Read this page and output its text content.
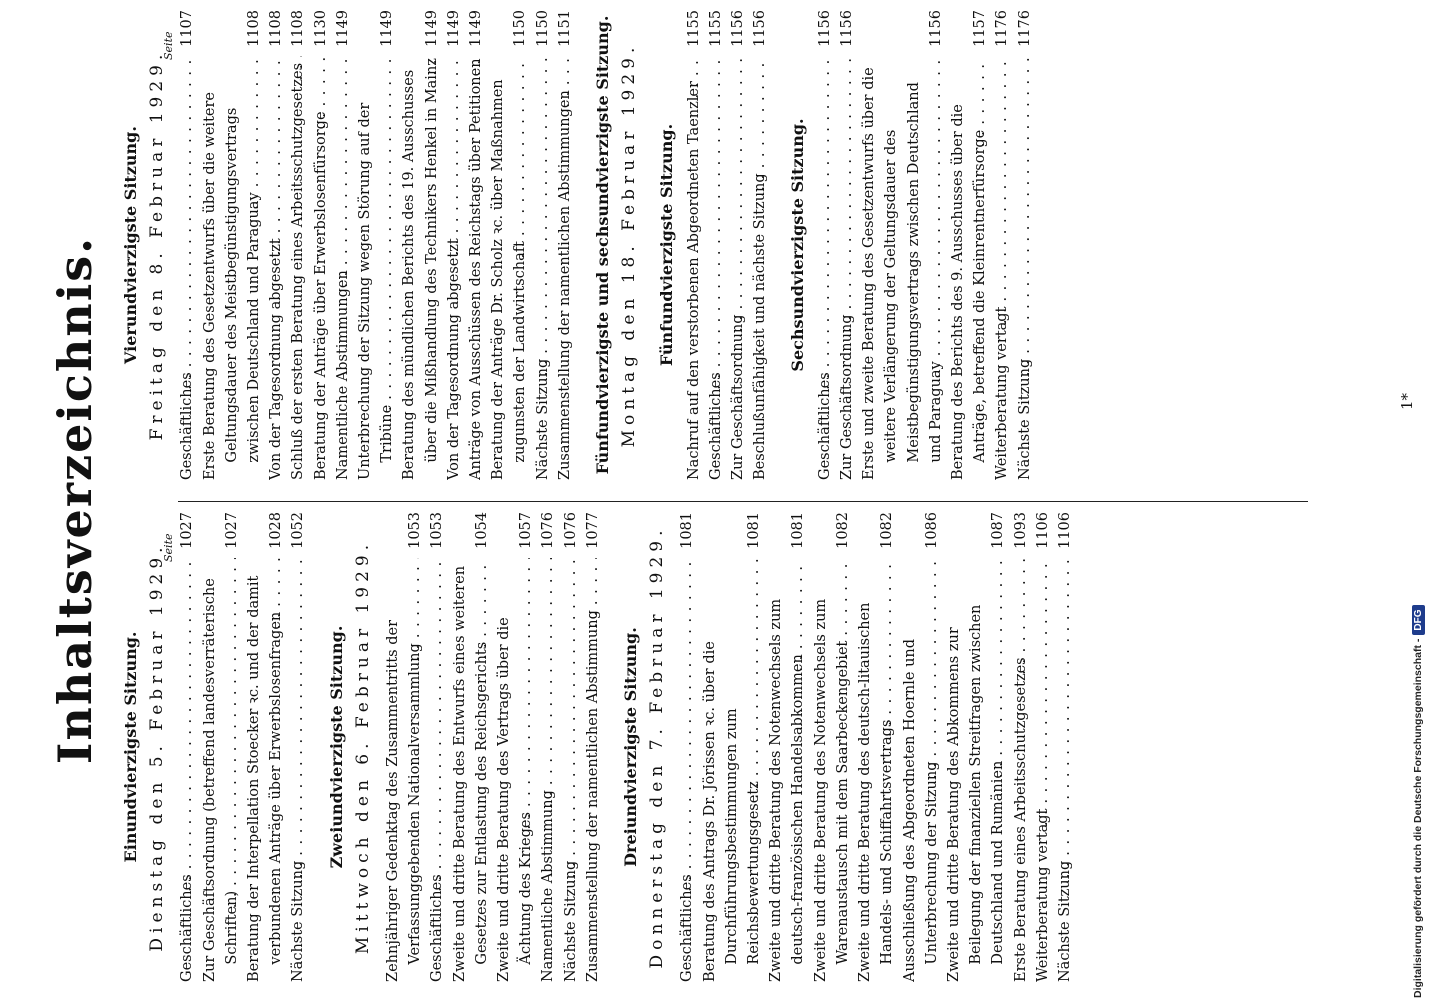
Inhaltsverzeichnis.	Seite
Seite
Einundvierzigste Sitzung. Dienstag den 5. Februar 1929. Geschäftliches . . .
1027
Zur Geschäftsordnung (betreffend landesverräterische Schriften) . . .
1027
Beratung der Interpellation Stoecker ꝛc. und der damit verbundenen Anträge über Erwerbslosenfragen . . .
1028
Nächste Sitzung . . .
1052
Zweiundvierzigste Sitzung. Mittwoch den 6. Februar 1929. Zehnjähriger Gedenktag des Zusammentritts der Verfassunggebenden Nationalversammlung . . .
1053
Geschäftliches . . .
1053
Zweite und dritte Beratung des Entwurfs eines weiteren Gesetzes zur Entlastung des Reichsgerichts . . .
1054
Zweite und dritte Beratung des Vertrags über die Ächtung des Krieges . . .
1057
Namentliche Abstimmung . . .
1076
Nächste Sitzung . . .
1076
Zusammenstellung der namentlichen Abstimmung . . .
1077
Dreiundvierzigste Sitzung. Donnerstag den 7. Februar 1929. Geschäftliches . . .
1081
Beratung des Antrags Dr. Jörissen ꝛc. über die Durchführungsbestimmungen zum Reichsbewertungsgesetz . . .
1081
Zweite und dritte Beratung des Notenwechsels zum deutsch-französischen Handelsabkommen . . .
1081
Zweite und dritte Beratung des Notenwechsels zum Warenaustausch mit dem Saarbeckengebiet . . .
1082
Zweite und dritte Beratung des deutsch-litauischen Handels- und Schiffahrtsvertrags . . .
1082
Ausschließung des Abgeordneten Hoernle und Unterbrechung der Sitzung . . .
1086
Zweite und dritte Beratung des Abkommens zur Beilegung der finanziellen Streitfragen zwischen Deutschland und Rumänien . . .
1087
Erste Beratung eines Arbeitsschutzgesetzes . . .
1093
Weiterberatung vertagt . . .
1106
Nächste Sitzung . . .
1106
Vierundvierzigste Sitzung. Freitag den 8. Februar 1929. Geschäftliches . . .
1107
Erste Beratung des Gesetzentwurfs über die weitere Geltungsdauer des Meistbegünstigungsvertrags zwischen Deutschland und Paraguay . . .
1108
Von der Tagesordnung abgesetzt . . .
1108
Schluß der ersten Beratung eines Arbeitsschutzgesetzes . . .
1108
Beratung der Anträge über Erwerbslosenfürsorge . . .
1130
Namentliche Abstimmungen . . .
1149
Unterbrechung der Sitzung wegen Störung auf der Tribüne . . .
1149
Beratung des mündlichen Berichts des 19. Ausschusses über die Mißhandlung des Technikers Henkel in Mainz . . .
1149
Von der Tagesordnung abgesetzt . . .
1149
Anträge von Ausschüssen des Reichstags über Petitionen . . .
1149
Beratung der Anträge Dr. Scholz ꝛc. über Maßnahmen zugunsten der Landwirtschaft . . .
1150
Nächste Sitzung . . .
1150
Zusammenstellung der namentlichen Abstimmungen . . .
1151 Fünfundvierzigste und sechsundvierzigste Sitzung. Montag den 18. Februar 1929. Fünfundvierzigste Sitzung. Nachruf auf den verstorbenen Abgeordneten Taenzler . . .
1155
Geschäftliches . . .
1155
Zur Geschäftsordnung . . .
1156
Beschlußunfähigkeit und nächste Sitzung . . .
1156
Sechsundvierzigste Sitzung.
Geschäftliches . . .
1156
Zur Geschäftsordnung . . .
1156
Erste und zweite Beratung des Gesetzentwurfs über die weitere Verlängerung der Geltungsdauer des Meistbegünstigungsvertrags zwischen Deutschland und Paraguay . . .
1156
Beratung des Berichts des 9. Ausschusses über die Anträge, betreffend die Kleinrentnerfürsorge . . .
1157
Weiterberatung vertagt . . .
1176
Nächste Sitzung . . .
1176
1*
Digitalisierung gefördert durch die Deutsche Forschungsgemeinschaft -DFG
